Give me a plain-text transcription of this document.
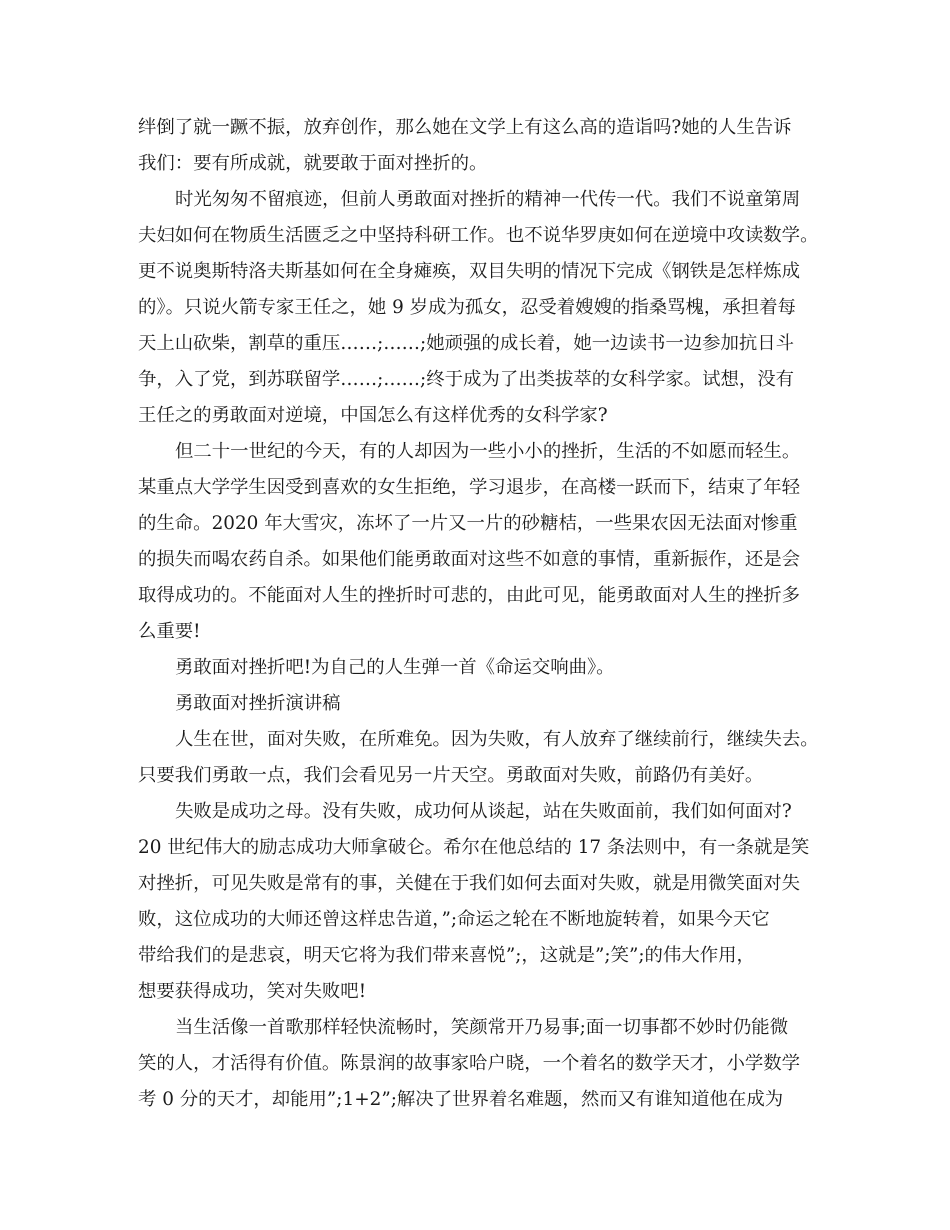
绊倒了就一蹶不振，放弃创作，那么她在文学上有这么高的造诣吗?她的人生告诉

我们：要有所成就，就要敢于面对挫折的。

时光匆匆不留痕迹，但前人勇敢面对挫折的精神一代传一代。我们不说童第周

夫妇如何在物质生活匮乏之中坚持科研工作。也不说华罗庚如何在逆境中攻读数学。

更不说奥斯特洛夫斯基如何在全身瘫痪，双目失明的情况下完成《钢铁是怎样炼成

的》。只说火箭专家王任之，她 9 岁成为孤女，忍受着嫂嫂的指桑骂槐，承担着每

天上山砍柴，割草的重压……;……;她顽强的成长着，她一边读书一边参加抗日斗

争，入了党，到苏联留学……;……;终于成为了出类拔萃的女科学家。试想，没有

王任之的勇敢面对逆境，中国怎么有这样优秀的女科学家?

但二十一世纪的今天，有的人却因为一些小小的挫折，生活的不如愿而轻生。

某重点大学学生因受到喜欢的女生拒绝，学习退步，在高楼一跃而下，结束了年轻

的生命。2020 年大雪灾，冻坏了一片又一片的砂糖桔，一些果农因无法面对惨重

的损失而喝农药自杀。如果他们能勇敢面对这些不如意的事情，重新振作，还是会

取得成功的。不能面对人生的挫折时可悲的，由此可见，能勇敢面对人生的挫折多

么重要!

勇敢面对挫折吧!为自己的人生弹一首《命运交响曲》。

勇敢面对挫折演讲稿

人生在世，面对失败，在所难免。因为失败，有人放弃了继续前行，继续失去。

只要我们勇敢一点，我们会看见另一片天空。勇敢面对失败，前路仍有美好。

失败是成功之母。没有失败，成功何从谈起，站在失败面前，我们如何面对?

20 世纪伟大的励志成功大师拿破仑。希尔在他总结的 17 条法则中，有一条就是笑

对挫折，可见失败是常有的事，关健在于我们如何去面对失败，就是用微笑面对失

败，这位成功的大师还曾这样忠告道，”;命运之轮在不断地旋转着，如果今天它

带给我们的是悲哀，明天它将为我们带来喜悦”;，这就是”;笑”;的伟大作用，

想要获得成功，笑对失败吧!

当生活像一首歌那样轻快流畅时，笑颜常开乃易事;面一切事都不妙时仍能微

笑的人，才活得有价值。陈景润的故事家哈户晓，一个着名的数学天才，小学数学

考 0 分的天才，却能用”;1+2”;解决了世界着名难题，然而又有谁知道他在成为
